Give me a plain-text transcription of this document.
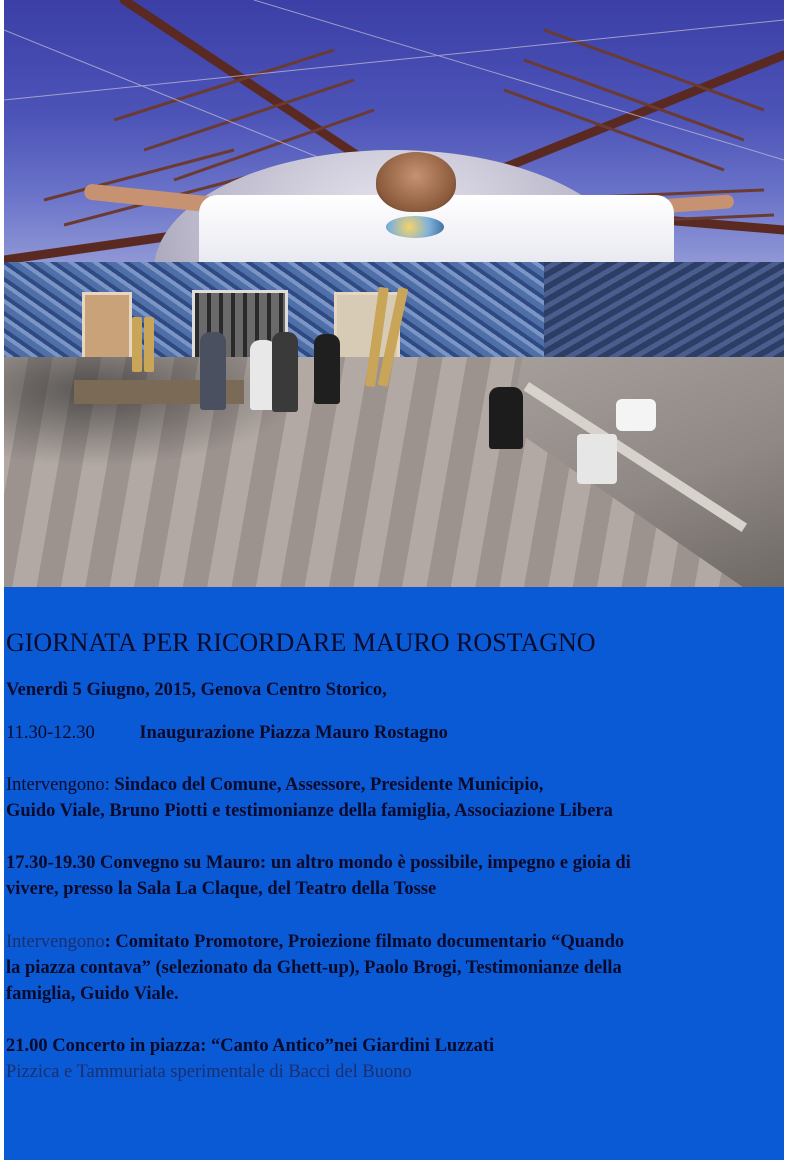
GIORNATA PER RICORDARE MAURO ROSTAGNO

Venerdì 5 Giugno, 2015, Genova Centro Storico,

11.30-12.30 Inaugurazione Piazza Mauro Rostagno

Intervengono: Sindaco del Comune, Assessore, Presidente Municipio,

Guido Viale, Bruno Piotti e testimonianze della famiglia, Associazione Libera

17.30-19.30 Convegno su Mauro: un altro mondo è possibile, impegno e gioia di

vivere, presso la Sala La Claque, del Teatro della Tosse

Intervengono: Comitato Promotore, Proiezione filmato documentario “Quando

la piazza contava” (selezionato da Ghett-up), Paolo Brogi, Testimonianze della

famiglia, Guido Viale.

21.00 Concerto in piazza: “Canto Antico”nei Giardini Luzzati

Pizzica e Tammuriata sperimentale di Bacci del Buono
